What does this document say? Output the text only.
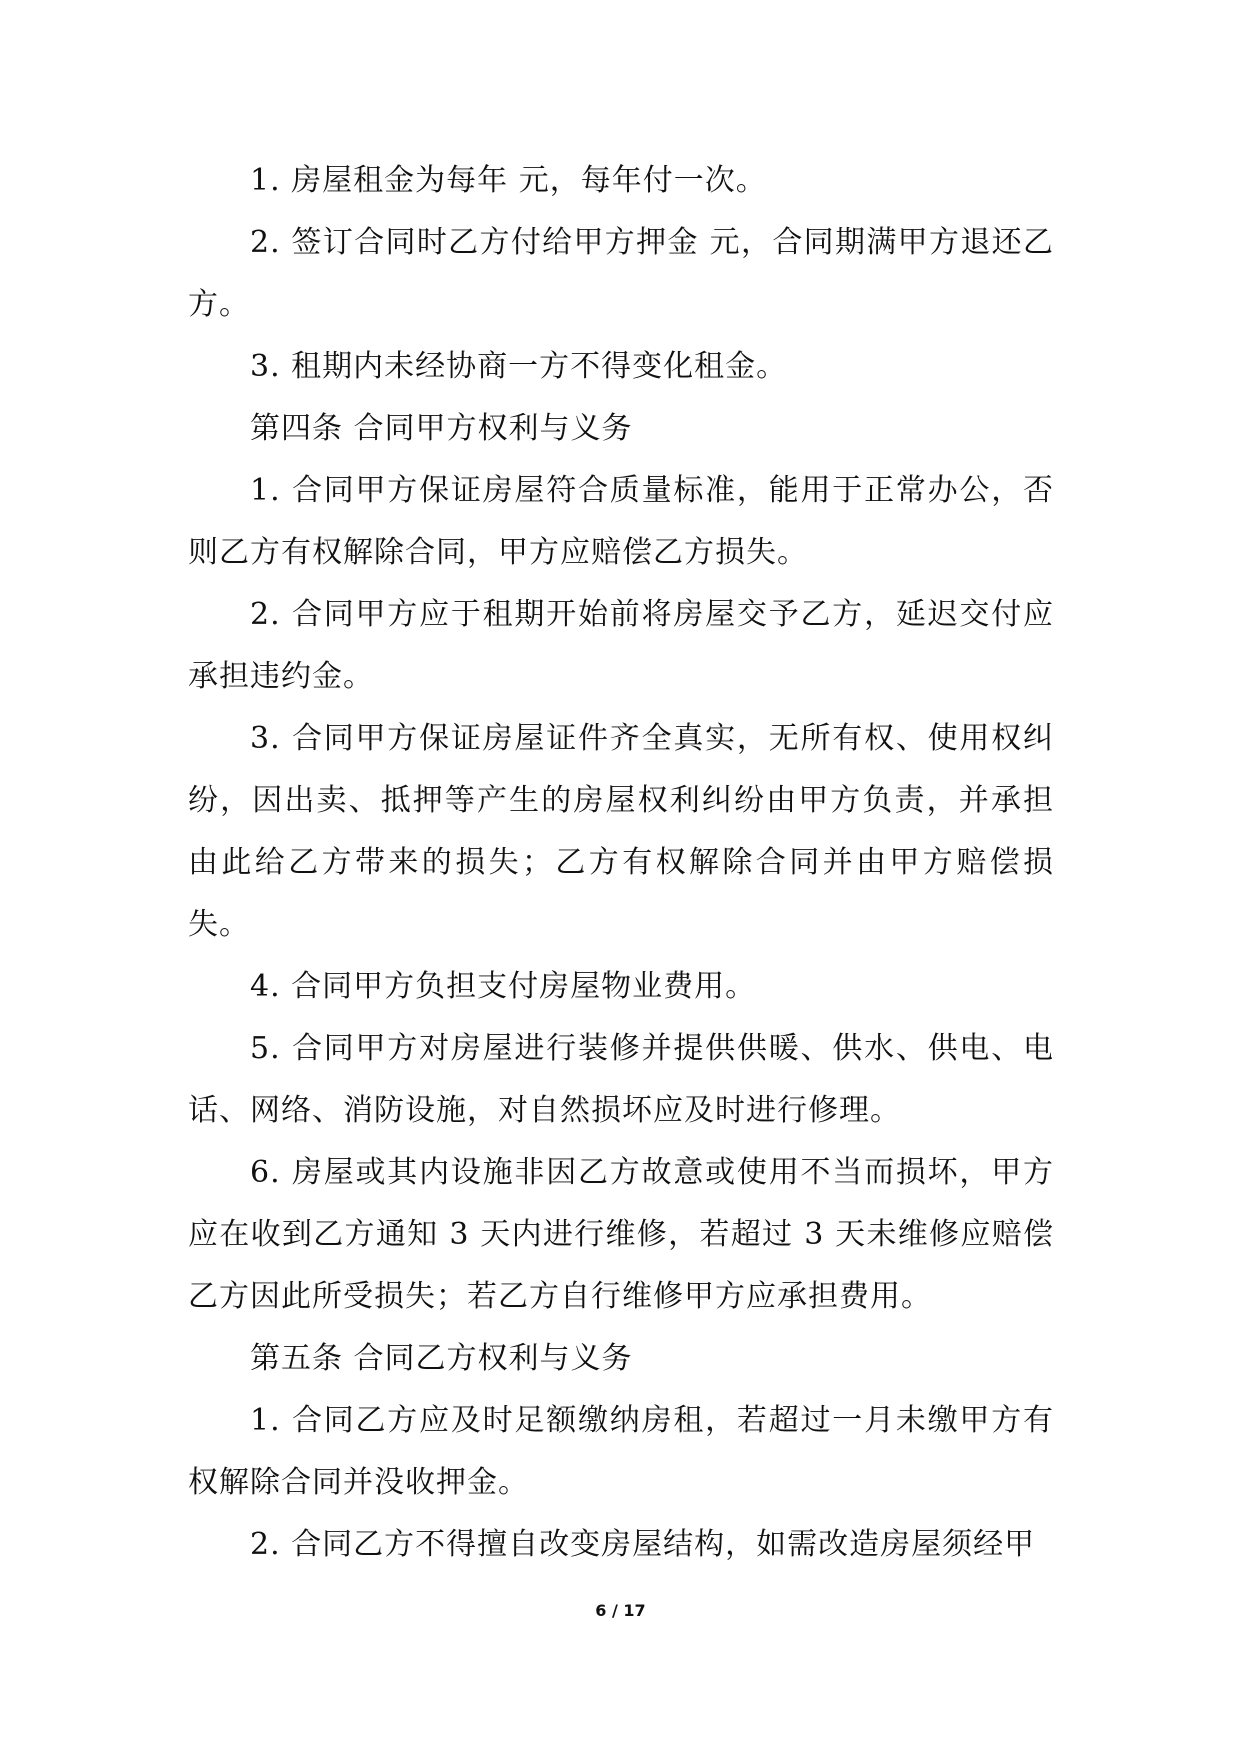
1. 房屋租金为每年 元，每年付一次。

2. 签订合同时乙方付给甲方押金 元，合同期满甲方退还乙方。

3. 租期内未经协商一方不得变化租金。

第四条 合同甲方权利与义务

1. 合同甲方保证房屋符合质量标准，能用于正常办公，否则乙方有权解除合同，甲方应赔偿乙方损失。

2. 合同甲方应于租期开始前将房屋交予乙方，延迟交付应承担违约金。

3. 合同甲方保证房屋证件齐全真实，无所有权、使用权纠纷，因出卖、抵押等产生的房屋权利纠纷由甲方负责，并承担由此给乙方带来的损失；乙方有权解除合同并由甲方赔偿损失。

4. 合同甲方负担支付房屋物业费用。

5. 合同甲方对房屋进行装修并提供供暖、供水、供电、电话、网络、消防设施，对自然损坏应及时进行修理。

6. 房屋或其内设施非因乙方故意或使用不当而损坏，甲方应在收到乙方通知 3 天内进行维修，若超过 3 天未维修应赔偿乙方因此所受损失；若乙方自行维修甲方应承担费用。

第五条 合同乙方权利与义务

1. 合同乙方应及时足额缴纳房租，若超过一月未缴甲方有权解除合同并没收押金。

2. 合同乙方不得擅自改变房屋结构，如需改造房屋须经甲

6 / 17
